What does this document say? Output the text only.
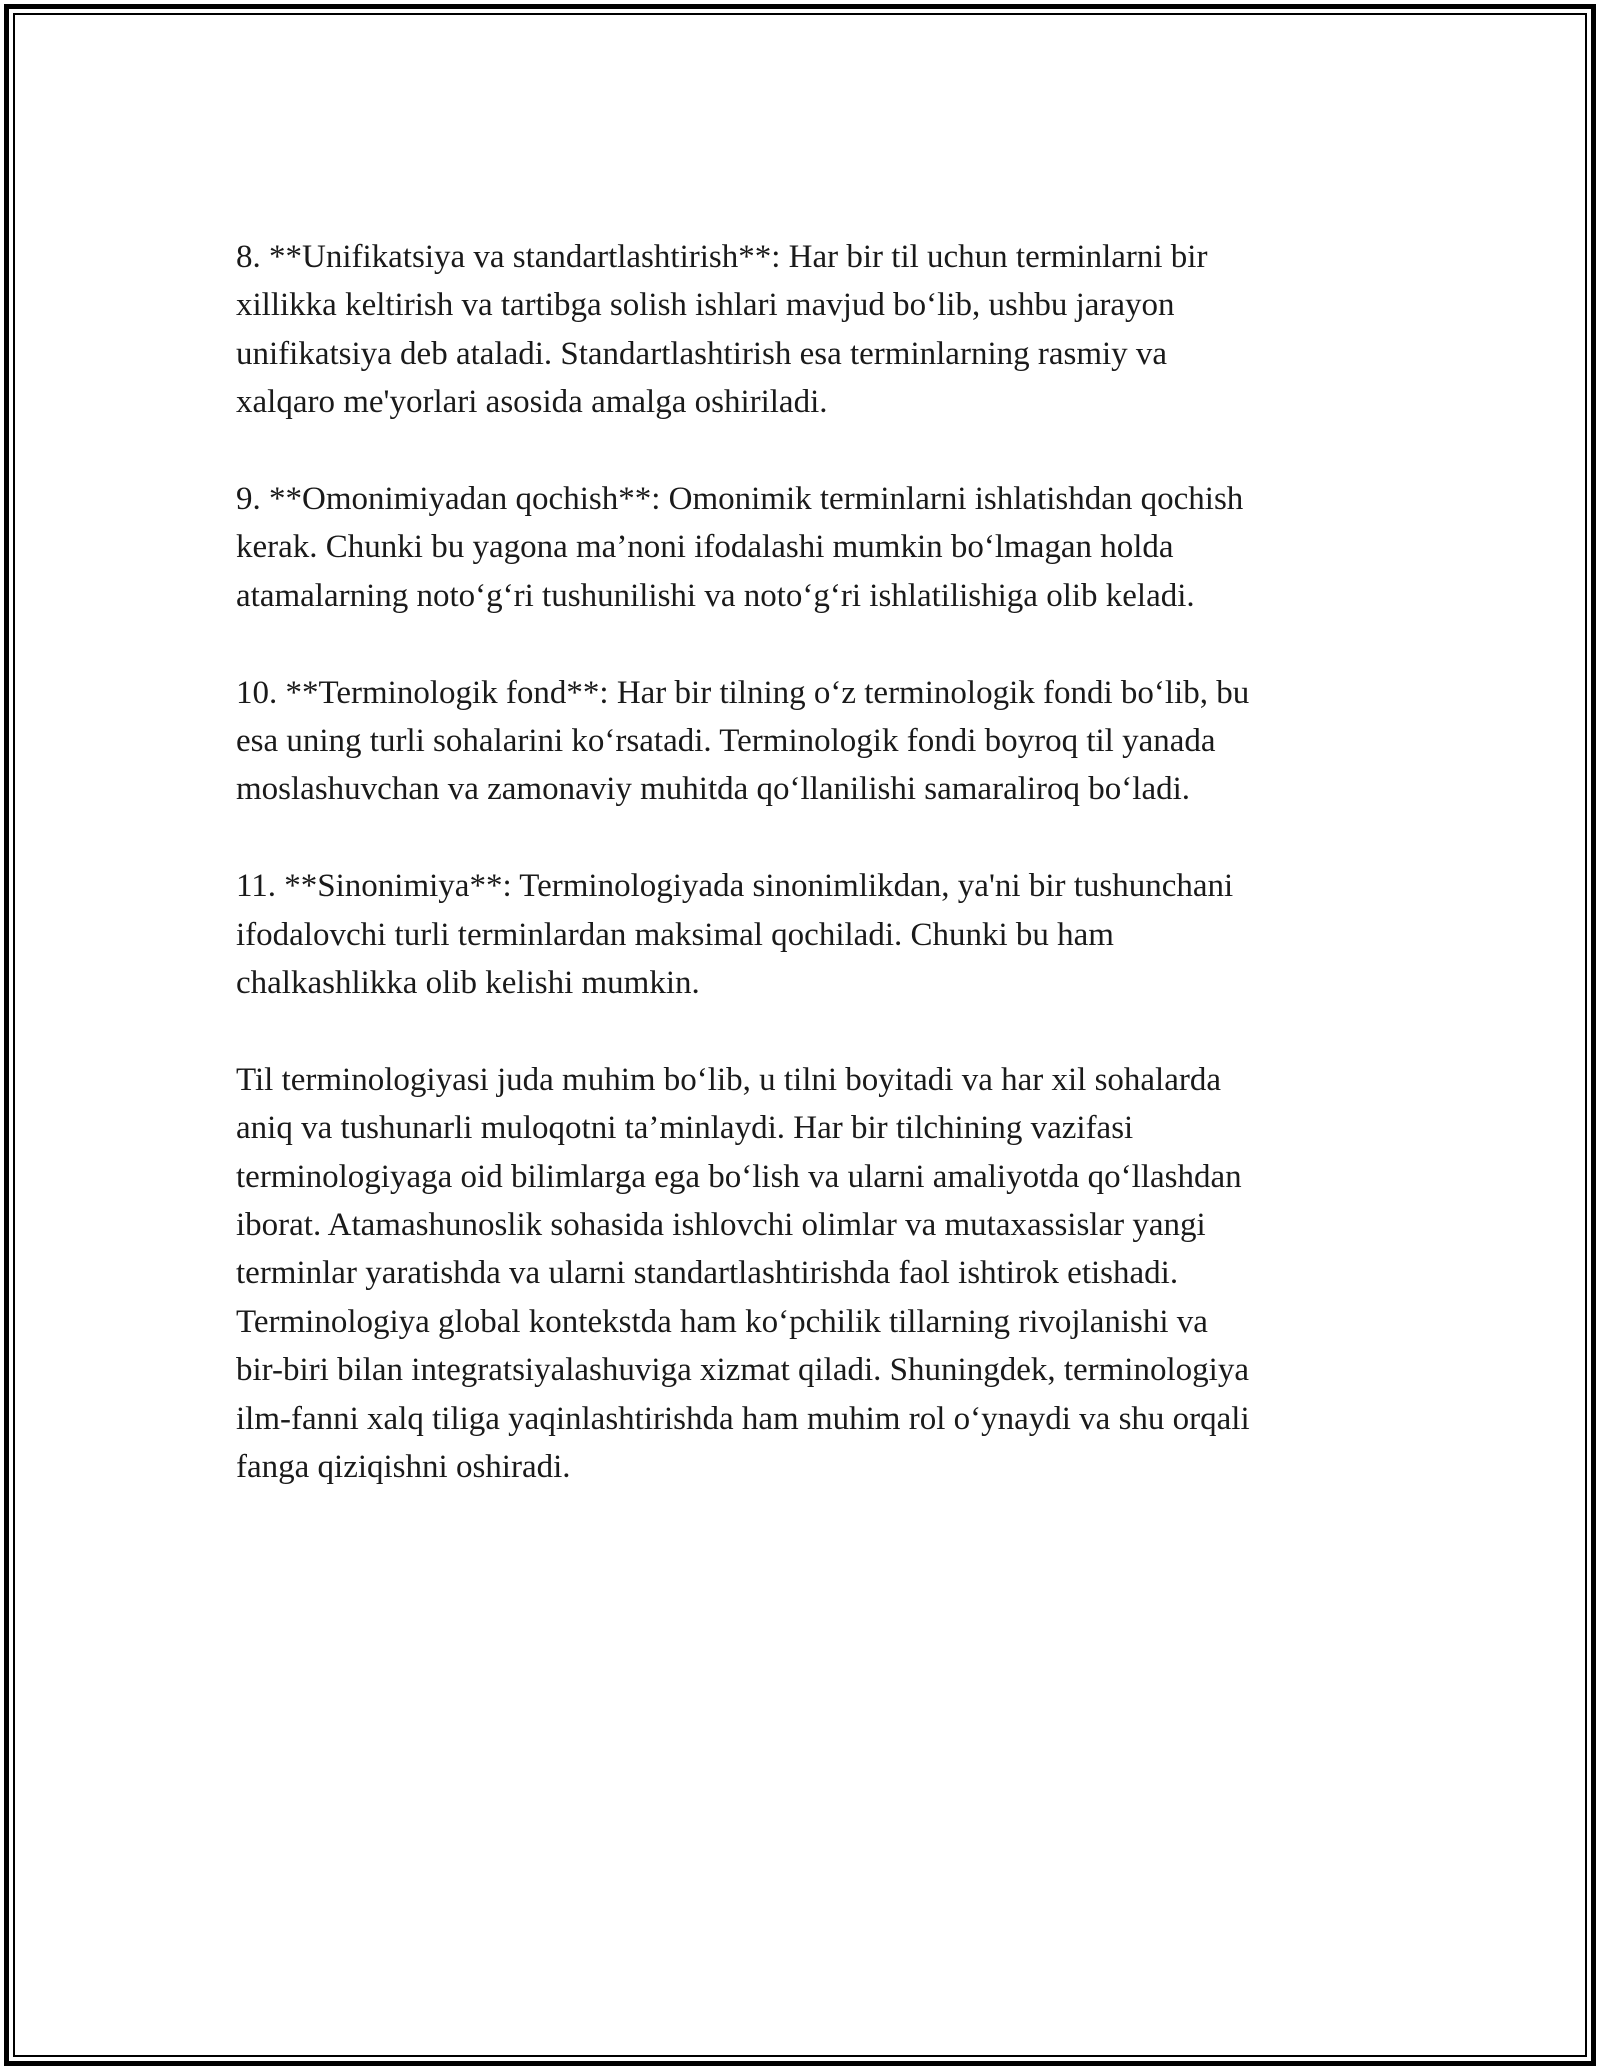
8. **Unifikatsiya va standartlashtirish**: Har bir til uchun terminlarni bir
xillikka keltirish va tartibga solish ishlari mavjud bo‘lib, ushbu jarayon
unifikatsiya deb ataladi. Standartlashtirish esa terminlarning rasmiy va
xalqaro me'yorlari asosida amalga oshiriladi.

9. **Omonimiyadan qochish**: Omonimik terminlarni ishlatishdan qochish
kerak. Chunki bu yagona ma’noni ifodalashi mumkin bo‘lmagan holda
atamalarning noto‘g‘ri tushunilishi va noto‘g‘ri ishlatilishiga olib keladi.

10. **Terminologik fond**: Har bir tilning o‘z terminologik fondi bo‘lib, bu
esa uning turli sohalarini ko‘rsatadi. Terminologik fondi boyroq til yanada
moslashuvchan va zamonaviy muhitda qo‘llanilishi samaraliroq bo‘ladi.

11. **Sinonimiya**: Terminologiyada sinonimlikdan, ya'ni bir tushunchani
ifodalovchi turli terminlardan maksimal qochiladi. Chunki bu ham
chalkashlikka olib kelishi mumkin.

Til terminologiyasi juda muhim bo‘lib, u tilni boyitadi va har xil sohalarda
aniq va tushunarli muloqotni ta’minlaydi. Har bir tilchining vazifasi
terminologiyaga oid bilimlarga ega bo‘lish va ularni amaliyotda qo‘llashdan
iborat. Atamashunoslik sohasida ishlovchi olimlar va mutaxassislar yangi
terminlar yaratishda va ularni standartlashtirishda faol ishtirok etishadi.
Terminologiya global kontekstda ham ko‘pchilik tillarning rivojlanishi va
bir-biri bilan integratsiyalashuviga xizmat qiladi. Shuningdek, terminologiya
ilm-fanni xalq tiliga yaqinlashtirishda ham muhim rol o‘ynaydi va shu orqali
fanga qiziqishni oshiradi.
